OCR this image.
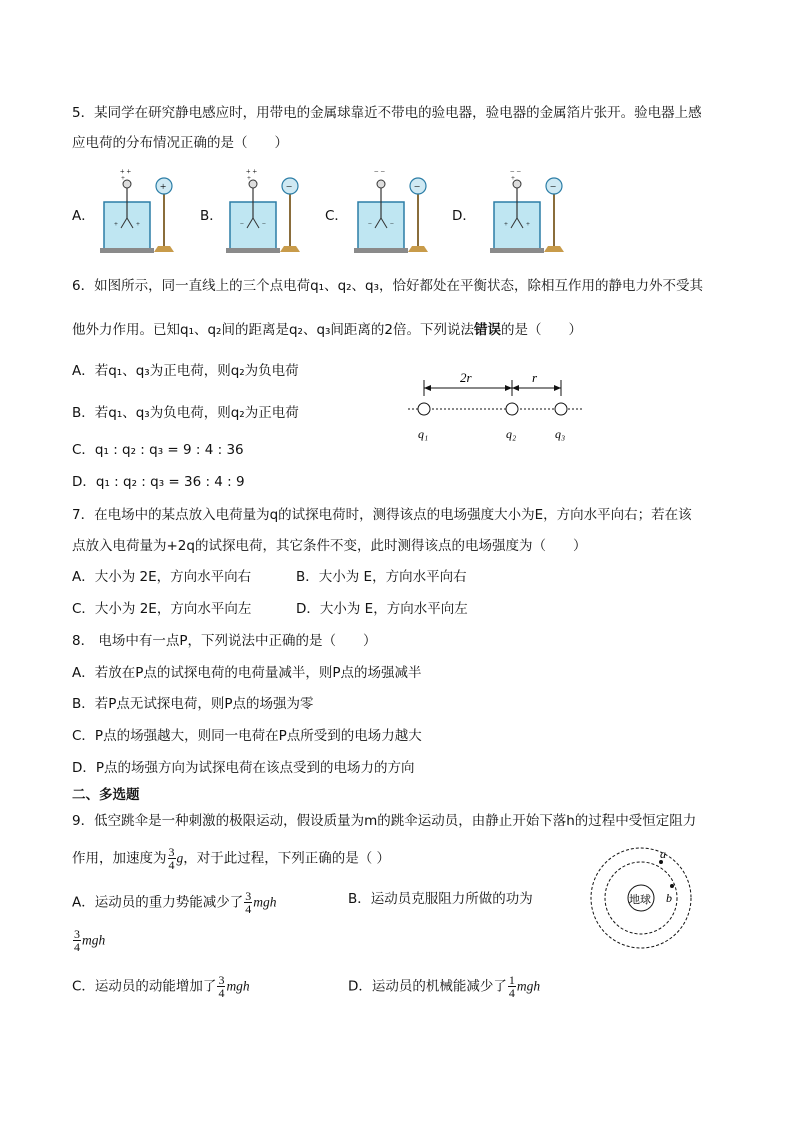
5．某同学在研究静电感应时，用带电的金属球靠近不带电的验电器，验电器的金属箔片张开。验电器上感
应电荷的分布情况正确的是（　　）
A．	B．	C．	D．
+ +
+
+	+
+
+ +
+
−	−
−
− −
−	−
−
− −
+
+	+
−
6．如图所示，同一直线上的三个点电荷q₁、q₂、q₃，恰好都处在平衡状态，除相互作用的静电力外不受其
他外力作用。已知q₁、q₂间的距离是q₂、q₃间距离的2倍。下列说法错误的是（　　）
A．若q₁、q₃为正电荷，则q₂为负电荷
B．若q₁、q₃为负电荷，则q₂为正电荷
C．q₁ : q₂ : q₃ = 9 : 4 : 36
D．q₁ : q₂ : q₃ = 36 : 4 : 9
2r	r
q₁	q₂	q₃
7．在电场中的某点放入电荷量为q的试探电荷时，测得该点的电场强度大小为E，方向水平向右；若在该
点放入电荷量为+2q的试探电荷，其它条件不变，此时测得该点的电场强度为（　　）
A．大小为 2E，方向水平向右	B．大小为 E，方向水平向右
C．大小为 2E，方向水平向左	D．大小为 E，方向水平向左
8． 电场中有一点P，下列说法中正确的是（　　）
A．若放在P点的试探电荷的电荷量减半，则P点的场强减半
B．若P点无试探电荷，则P点的场强为零
C．P点的场强越大，则同一电荷在P点所受到的电场力越大
D．P点的场强方向为试探电荷在该点受到的电场力的方向
二、多选题
9．低空跳伞是一种刺激的极限运动，假设质量为m的跳伞运动员，由静止开始下落h的过程中受恒定阻力
作用，加速度为 $\frac{3}{4}$ g，对于此过程，下列正确的是（ ）
A．运动员的重力势能减少了 $\frac{3}{4}$ mgh	B．运动员克服阻力所做的功为
$\frac{3}{4}$ mgh
C．运动员的动能增加了 $\frac{3}{4}$ mgh	D．运动员的机械能减少了 $\frac{1}{4}$ mgh
地球
a
b
